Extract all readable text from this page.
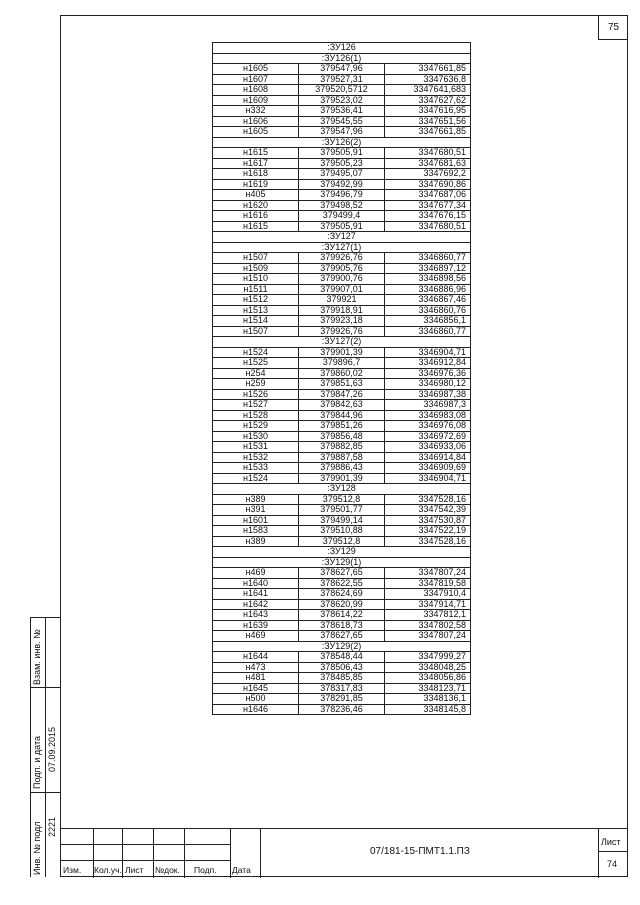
75
:ЗУ126		
:ЗУ126(1)		
н1605	379547,96	3347661,85
н1607	379527,31	3347636,8
н1608	379520,5712	3347641,683
н1609	379523,02	3347627,62
н332	379536,41	3347616,95
н1606	379545,55	3347651,56
н1605	379547,96	3347661,85
:ЗУ126(2)		
н1615	379505,91	3347680,51
н1617	379505,23	3347681,63
н1618	379495,07	3347692,2
н1619	379492,99	3347690,86
н405	379496,79	3347687,06
н1620	379498,52	3347677,34
н1616	379499,4	3347676,15
н1615	379505,91	3347680,51
:ЗУ127		
:ЗУ127(1)		
н1507	379926,76	3346860,77
н1509	379905,76	3346897,12
н1510	379900,76	3346898,56
н1511	379907,01	3346886,96
н1512	379921	3346867,46
н1513	379918,91	3346860,76
н1514	379923,18	3346856,1
н1507	379926,76	3346860,77
:ЗУ127(2)		
н1524	379901,39	3346904,71
н1525	379896,7	3346912,84
н254	379860,02	3346976,36
н259	379851,63	3346980,12
н1526	379847,26	3346987,38
н1527	379842,63	3346987,3
н1528	379844,96	3346983,08
н1529	379851,26	3346976,08
н1530	379856,48	3346972,69
н1531	379882,85	3346933,06
н1532	379887,58	3346914,84
н1533	379886,43	3346909,69
н1524	379901,39	3346904,71
:ЗУ128		
н389	379512,8	3347528,16
н391	379501,77	3347542,39
н1601	379499,14	3347530,87
н1583	379510,88	3347522,19
н389	379512,8	3347528,16
:ЗУ129		
:ЗУ129(1)		
н469	378627,65	3347807,24
н1640	378622,55	3347819,58
н1641	378624,69	3347910,4
н1642	378620,99	3347914,71
н1643	378614,22	3347812,1
н1639	378618,73	3347802,58
н469	378627,65	3347807,24
:ЗУ129(2)		
н1644	378548,44	3347999,27
н473	378506,43	3348048,25
н481	378485,85	3348056,86
н1645	378317,83	3348123,71
н500	378291,85	3348136,1
н1646	378236,46	3348145,8
Взам. инв. №
Подп. и дата 07.09.2015
Инв. № подл 2221
Изм. Кол.уч. Лист №док. Подп. Дата
07/181-15-ПМТ1.1.ПЗ
Лист
74
